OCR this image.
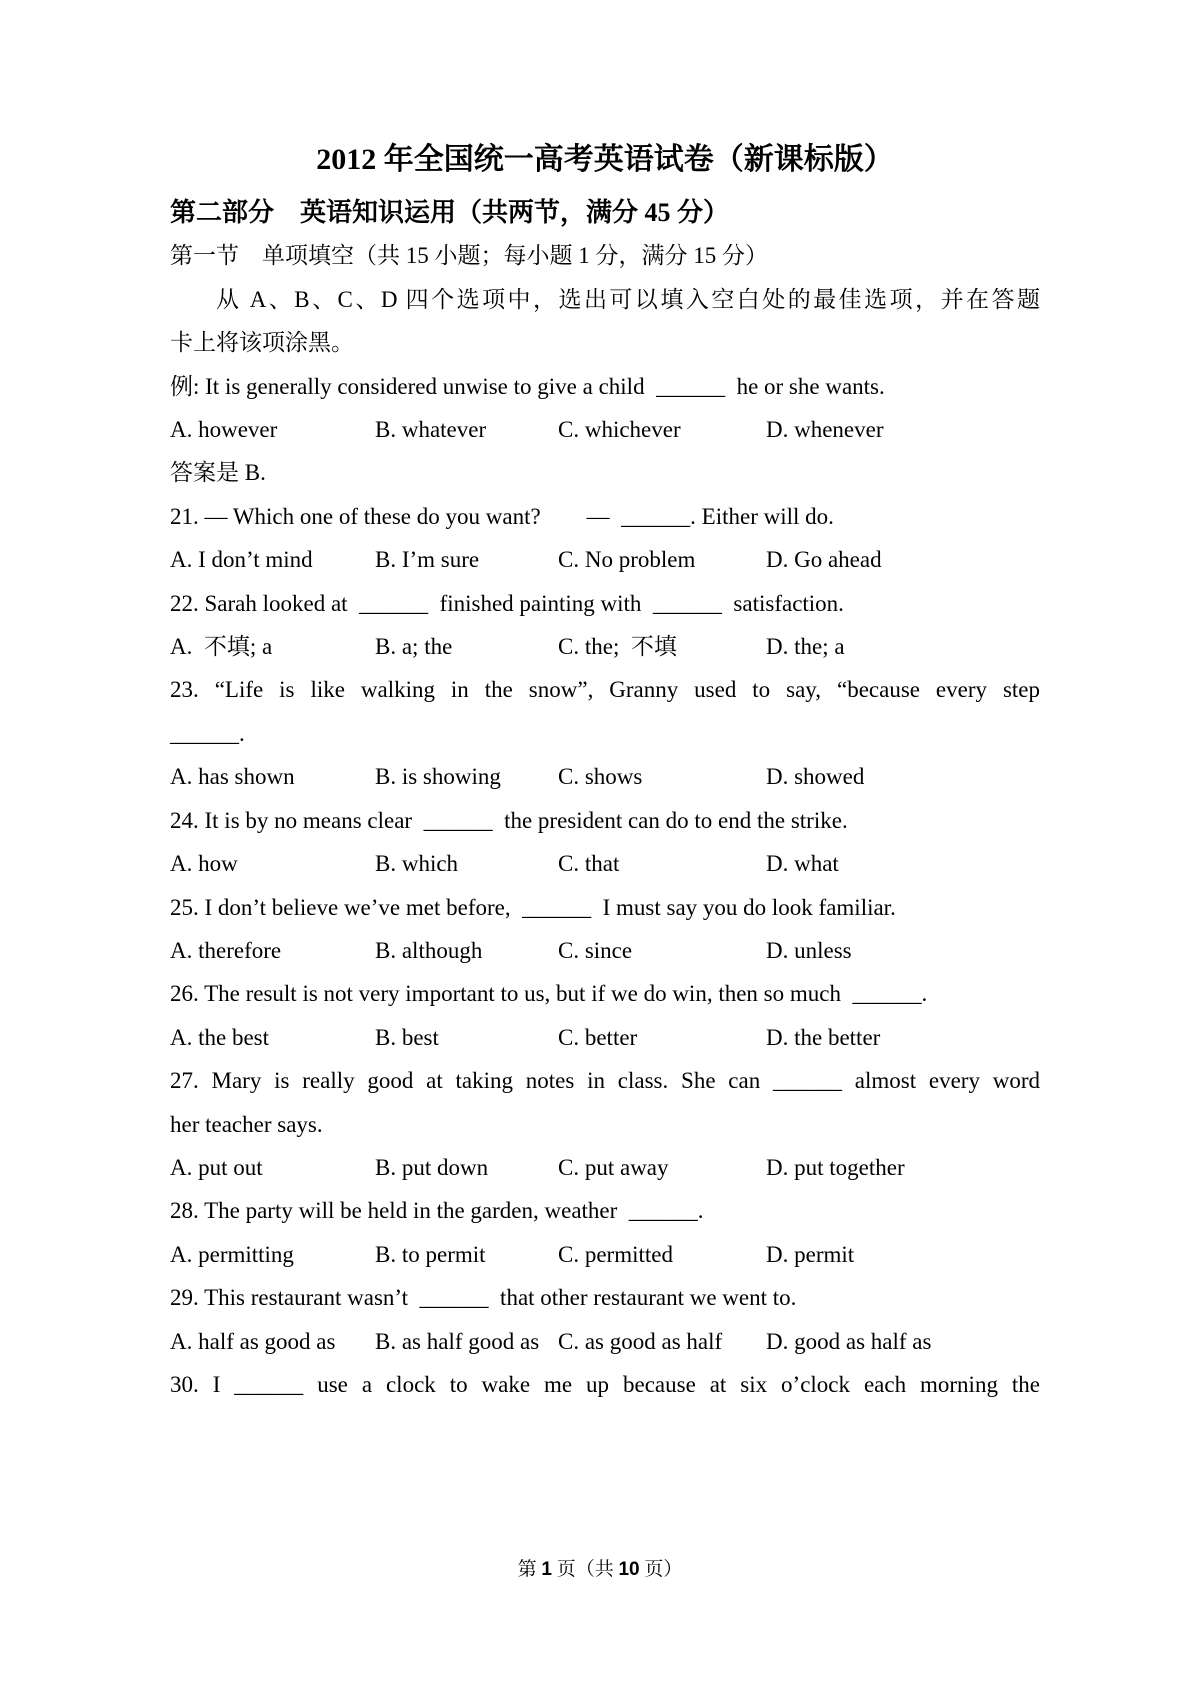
2012 年全国统一高考英语试卷（新课标版）
第二部分　英语知识运用（共两节，满分 45 分）
第一节　单项填空（共 15 小题；每小题 1 分，满分 15 分）
从 A、B、C、D 四个选项中，选出可以填入空白处的最佳选项，并在答题
卡上将该项涂黑。
例: It is generally considered unwise to give a child  ______  he or she wants.
A. however	B. whatever	C. whichever	D. whenever
答案是 B.
21. — Which one of these do you want?　　—  ______. Either will do.
A. I don’t mind	B. I’m sure	C. No problem	D. Go ahead
22. Sarah looked at  ______  finished painting with  ______  satisfaction.
A.  不填; a	B. a; the	C. the;  不填	D. the; a
23. “Life is like walking in the snow”, Granny used to say, “because every step
______.
A. has shown	B. is showing	C. shows	D. showed
24. It is by no means clear  ______  the president can do to end the strike.
A. how	B. which	C. that	D. what
25. I don’t believe we’ve met before,  ______  I must say you do look familiar.
A. therefore	B. although	C. since	D. unless
26. The result is not very important to us, but if we do win, then so much  ______.
A. the best	B. best	C. better	D. the better
27. Mary is really good at taking notes in class. She can ______ almost every word
her teacher says.
A. put out	B. put down	C. put away	D. put together
28. The party will be held in the garden, weather  ______.
A. permitting	B. to permit	C. permitted	D. permit
29. This restaurant wasn’t  ______  that other restaurant we went to.
A. half as good as	B. as half good as C. as good as half	D. good as half as
30. I ______ use a clock to wake me up because at six o’clock each morning the
第 1 页（共 10 页）
